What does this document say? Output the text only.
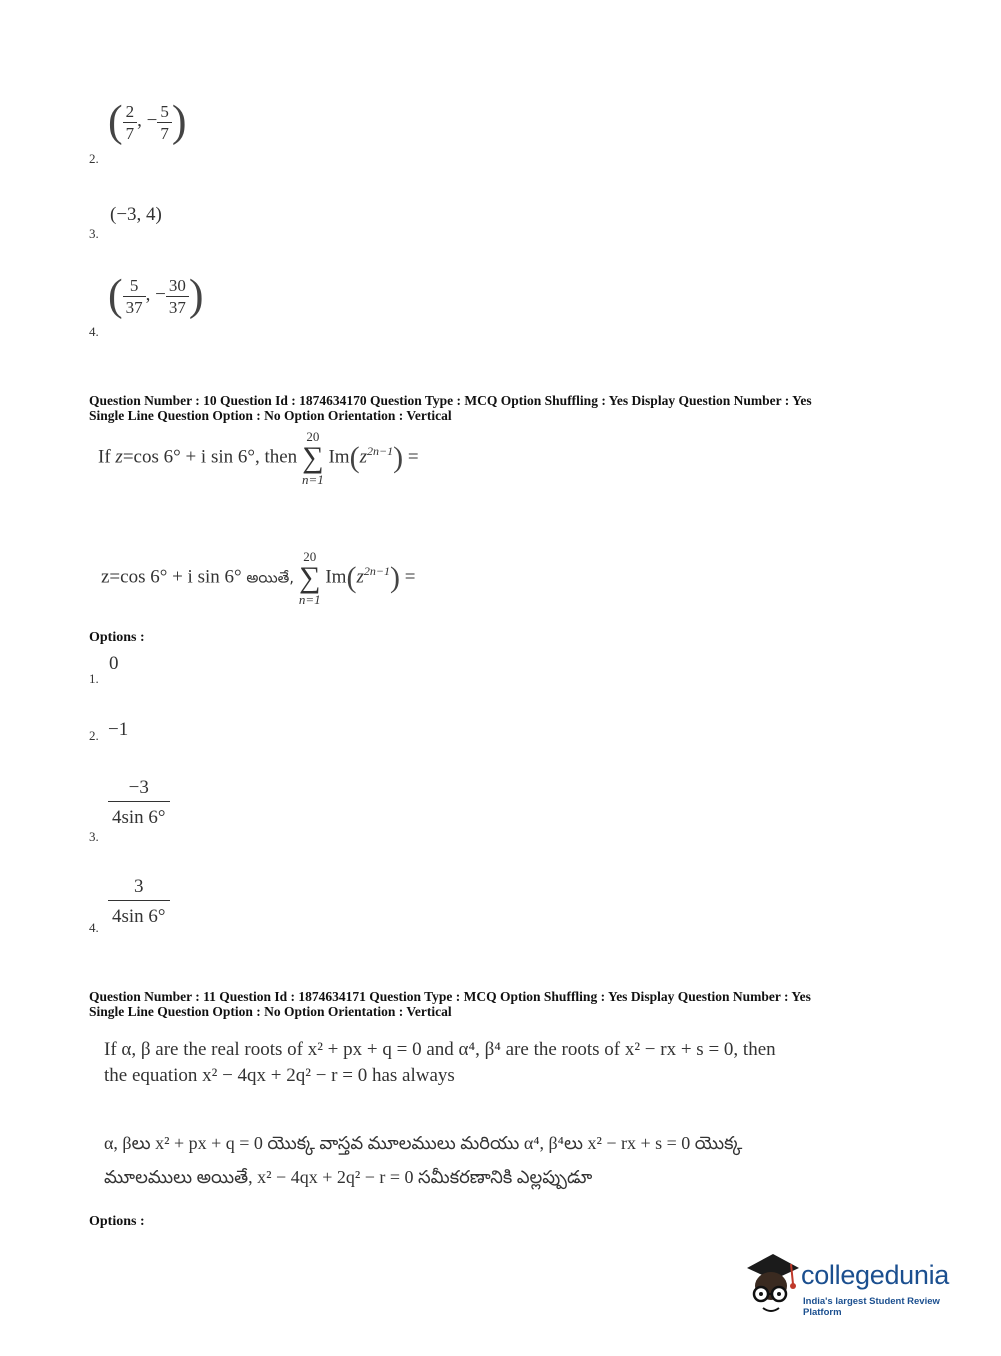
( $\frac{2}{7}$ , − $\frac{5}{7}$ )
2.
(−3, 4)
3.
( $\frac{5}{37}$ , − $\frac{30}{37}$ )
4.
Question Number : 10 Question Id : 1874634170 Question Type : MCQ Option Shuffling : Yes Display Question Number : Yes
Single Line Question Option : No Option Orientation : Vertical
If z=cos 6° + i sin 6°, then
20
∑
n=1
$Im(z^{2n-1})$ =
z=cos 6° + i sin 6° అయితే,
20
∑
n=1
$Im(z^{2n-1})$ =
Options :
0
1.
2. −1
$\frac{-3}{4\sin 6^\circ}$
3.
$\frac{3}{4\sin 6^\circ}$
4.
Question Number : 11 Question Id : 1874634171 Question Type : MCQ Option Shuffling : Yes Display Question Number : Yes
Single Line Question Option : No Option Orientation : Vertical
If α, β are the real roots of x² + px + q = 0 and α⁴, β⁴ are the roots of x² − rx + s = 0, then
the equation x² − 4qx + 2q² − r = 0 has always
α, βలు x² + px + q = 0 యొక్క వాస్తవ మూలములు మరియు α⁴, β⁴లు x² − rx + s = 0 యొక్క
మూలములు అయితే, x² − 4qx + 2q² − r = 0 సమీకరణానికి ఎల్లప్పుడూ
Options :
collegedunia
India's largest Student Review Platform
